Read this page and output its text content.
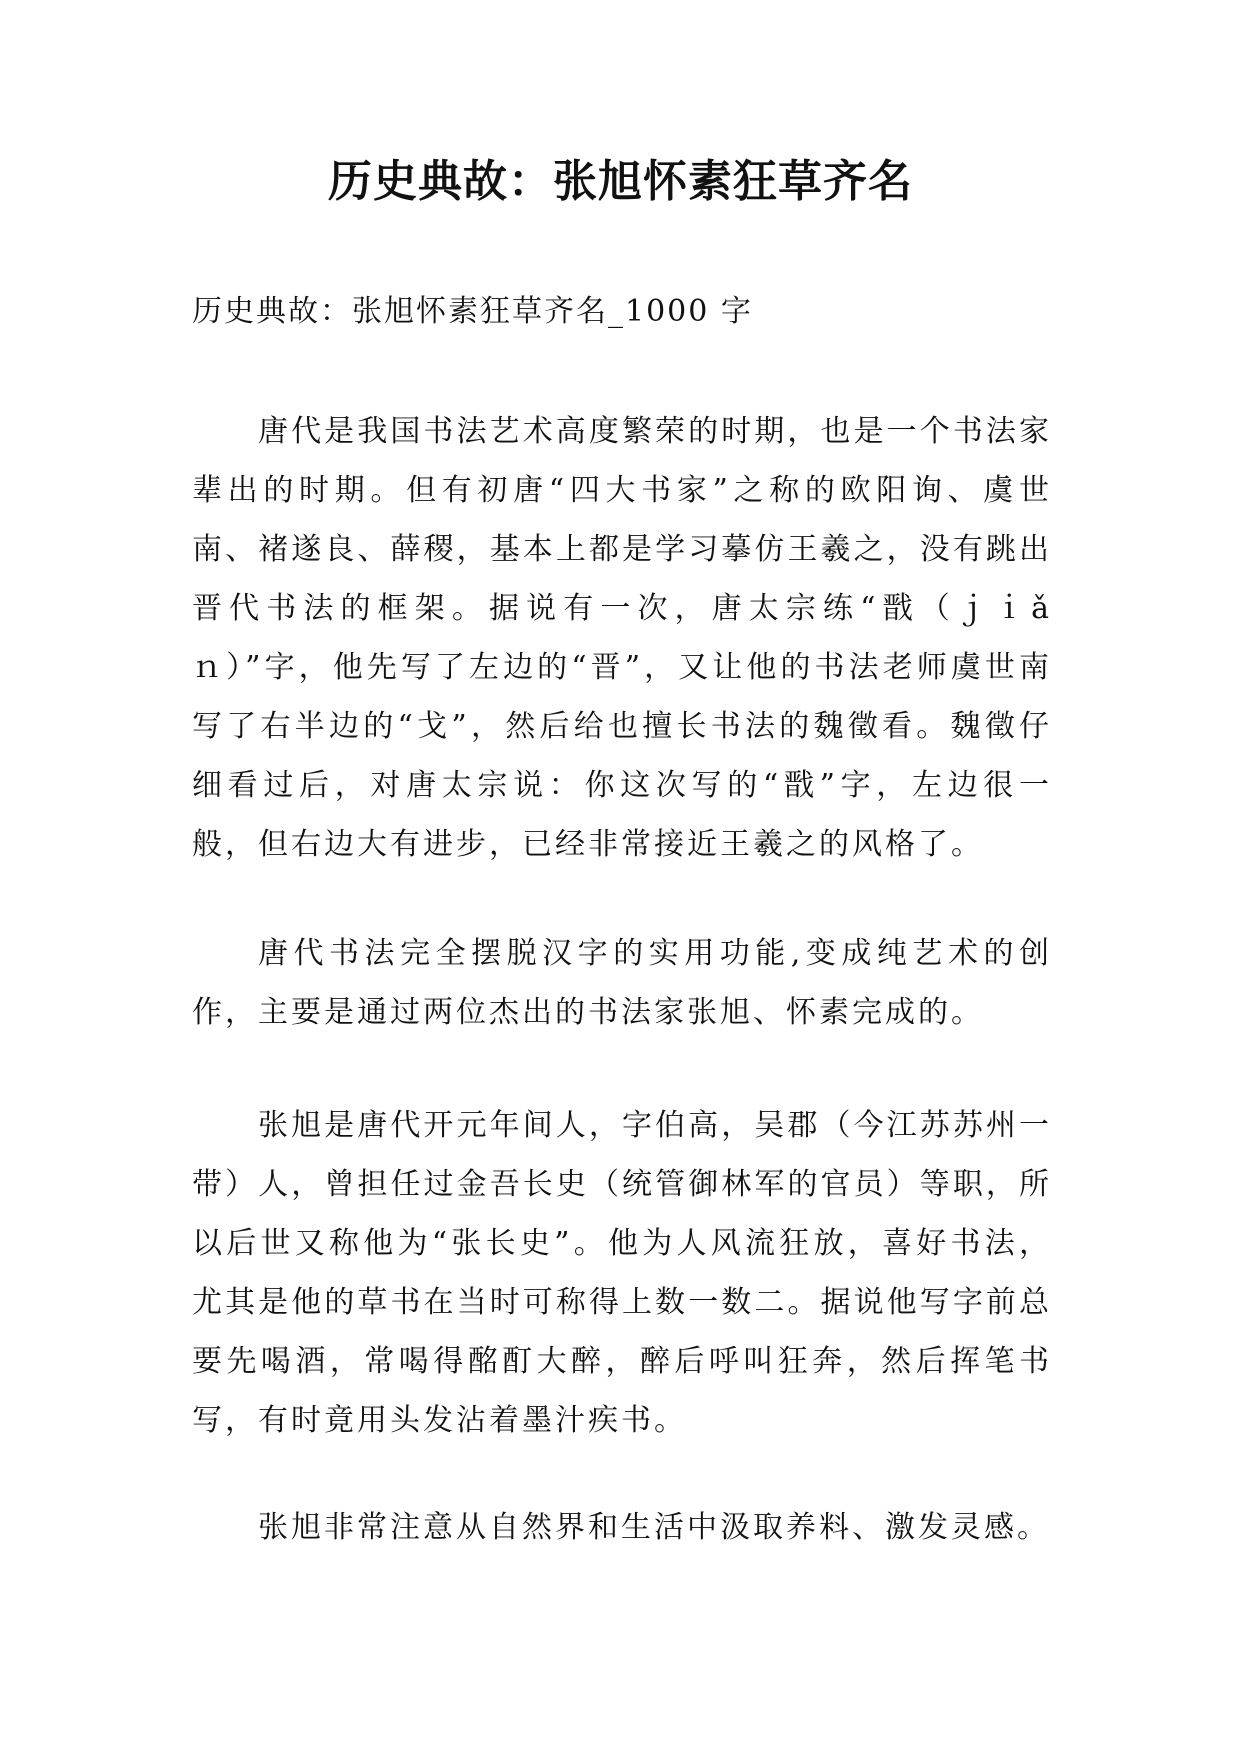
历史典故：张旭怀素狂草齐名

历史典故：张旭怀素狂草齐名_1000 字

唐代是我国书法艺术高度繁荣的时期，也是一个书法家辈出的时期。但有初唐“四大书家”之称的欧阳询、虞世南、褚遂良、薛稷，基本上都是学习摹仿王羲之，没有跳出晋代书法的框架。据说有一次，唐太宗练“戬（ｊｉǎｎ）”字，他先写了左边的“晋”，又让他的书法老师虞世南写了右半边的“戈”，然后给也擅长书法的魏徵看。魏徵仔细看过后，对唐太宗说：你这次写的“戬”字，左边很一般，但右边大有进步，已经非常接近王羲之的风格了。

唐代书法完全摆脱汉字的实用功能,变成纯艺术的创作，主要是通过两位杰出的书法家张旭、怀素完成的。

张旭是唐代开元年间人，字伯高，吴郡（今江苏苏州一带）人，曾担任过金吾长史（统管御林军的官员）等职，所以后世又称他为“张长史”。他为人风流狂放，喜好书法，尤其是他的草书在当时可称得上数一数二。据说他写字前总要先喝酒，常喝得酩酊大醉，醉后呼叫狂奔，然后挥笔书写，有时竟用头发沾着墨汁疾书。

张旭非常注意从自然界和生活中汲取养料、激发灵感。
